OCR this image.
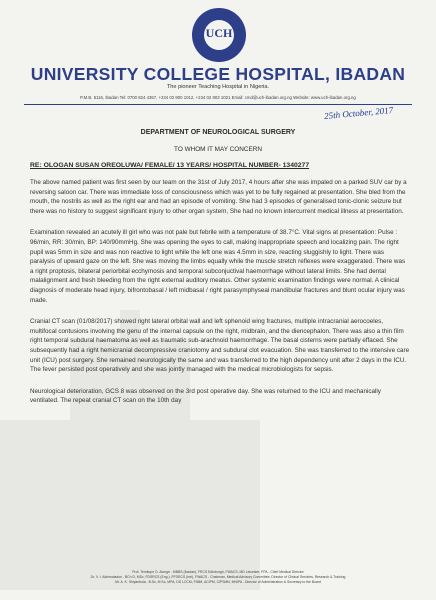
UCH
UNIVERSITY COLLEGE HOSPITAL, IBADAN
The pioneer Teaching Hospital in Nigeria.
P.M.B. 5116, Ibadan Tel: 0700 824 4357, +234 02 800 1012, +234 02 803 1021 Email: cmd@uch-ibadan.org.ng Website: www.uch-ibadan.org.ng
25th October, 2017
DEPARTMENT OF NEUROLOGICAL SURGERY
TO WHOM IT MAY CONCERN
RE: OLOGAN SUSAN OREOLUWA/ FEMALE/ 13 YEARS/ HOSPITAL NUMBER- 1340277

The above named patient was first seen by our team on the 31st of July 2017, 4 hours after she was impaled on a parked SUV car by a reversing saloon car. There was immediate loss of consciousness which was yet to be fully regained at presentation. She bled from the mouth, the nostrils as well as the right ear and had an episode of vomiting. She had 3 episodes of generalised tonic-clonic seizure but there was no history to suggest significant injury to other organ system, She had no known intercurrent medical illness at presentation.

Examination revealed an acutely ill girl who was not pale but febrile with a temperature of 38.7°C. Vital signs at presentation: Pulse : 96/min, RR: 30/min, BP: 140/90mmHg. She was opening the eyes to call, making inappropriate speech and localizing pain. The right pupil was 5mm in size and was non reactive to light while the left one was 4.5mm in size, reacting sluggishly to light. There was paralysis of upward gaze on the left. She was moving the limbs equally while the muscle stretch reflexes were exaggerated. There was a right proptosis, bilateral periorbital ecchymosis and temporal subconjuctival haemorrhage without lateral limits. She had dental malalignment and fresh bleeding from the right external auditory meatus. Other systemic examination findings were normal. A clinical diagnosis of moderate head injury, bifrontobasal / left midbasal / right parasymphyseal mandibular fractures and blunt ocular injury was made.

Cranial CT scan (01/08/2017) showed right lateral orbital wall and left sphenoid wing fractures, multiple intracranial aerocoeles, multifocal contusions involving the genu of the internal capsule on the right, midbrain, and the diencephalon. There was also a thin film right temporal subdural haematoma as well as traumatic sub-arachnoid haemorrhage. The basal cisterns were partially effaced. She subsequently had a right hemicranial decompressive craniotomy and subdural clot evacuation. She was transferred to the intensive care unit (ICU) post surgery. She remained neurologically the same and was transferred to the high dependency unit after 2 days in the ICU. The fever persisted post operatively and she was jointly managed with the medical microbiologists for sepsis.

Neurological deterioration, GCS 8 was observed on the 3rd post operative day. She was returned to the ICU and mechanically ventilated. The repeat cranial CT scan on the 10th day

Prof. Temitope O. Alonge - MBBS (Ibadan), FRCS Edinburgh, FWACS, MD Leicester, FPA - Chief Medical Director
Dr. V. I. Akinmoladun - BCh D, MSc, FDSRCS (Eng.), FFDRCS (Irel), FWACS - Chairman, Medical Advisory Committee; Director of Clinical Services, Research & Training
Mr. A. K. Shiyanbola - B.Sc, M.Sc, MPA, DD LCCM, FIMM, ACIPM, CIPSMN, MNIPA - Director of Administration & Secretary to the Board
